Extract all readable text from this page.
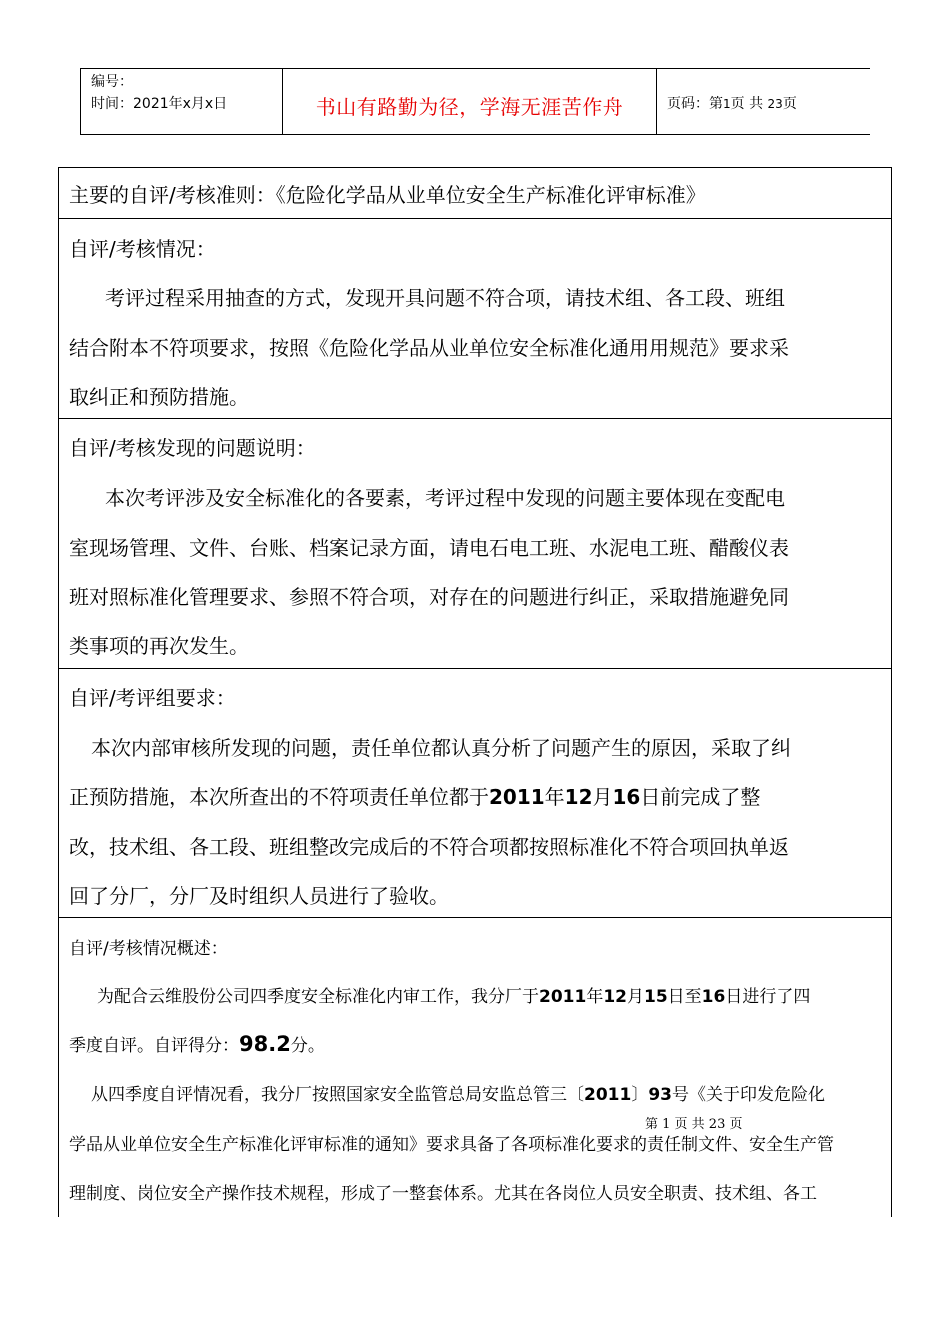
编号：
时间：2021年x月x日	书山有路勤为径，学海无涯苦作舟	页码：第1页 共 23页
主要的自评/考核准则：《危险化学品从业单位安全生产标准化评审标准》
自评/考核情况：
考评过程采用抽查的方式，发现开具问题不符合项，请技术组、各工段、班组
结合附本不符项要求，按照《危险化学品从业单位安全标准化通用用规范》要求采
取纠正和预防措施。
自评/考核发现的问题说明：
本次考评涉及安全标准化的各要素，考评过程中发现的问题主要体现在变配电
室现场管理、文件、台账、档案记录方面，请电石电工班、水泥电工班、醋酸仪表
班对照标准化管理要求、参照不符合项，对存在的问题进行纠正，采取措施避免同
类事项的再次发生。
自评/考评组要求：
本次内部审核所发现的问题，责任单位都认真分析了问题产生的原因，采取了纠
正预防措施，本次所查出的不符项责任单位都于2011年12月16日前完成了整
改，技术组、各工段、班组整改完成后的不符合项都按照标准化不符合项回执单返
回了分厂，分厂及时组织人员进行了验收。
自评/考核情况概述：
为配合云维股份公司四季度安全标准化内审工作，我分厂于2011年12月15日至16日进行了四
季度自评。自评得分：98.2分。
从四季度自评情况看，我分厂按照国家安全监管总局安监总管三〔2011〕93号《关于印发危险化
学品从业单位安全生产标准化评审标准的通知》要求具备了各项标准化要求的责任制文件、安全生产管
理制度、岗位安全产操作技术规程，形成了一整套体系。尤其在各岗位人员安全职责、技术组、各工
第 1 页 共 23 页
